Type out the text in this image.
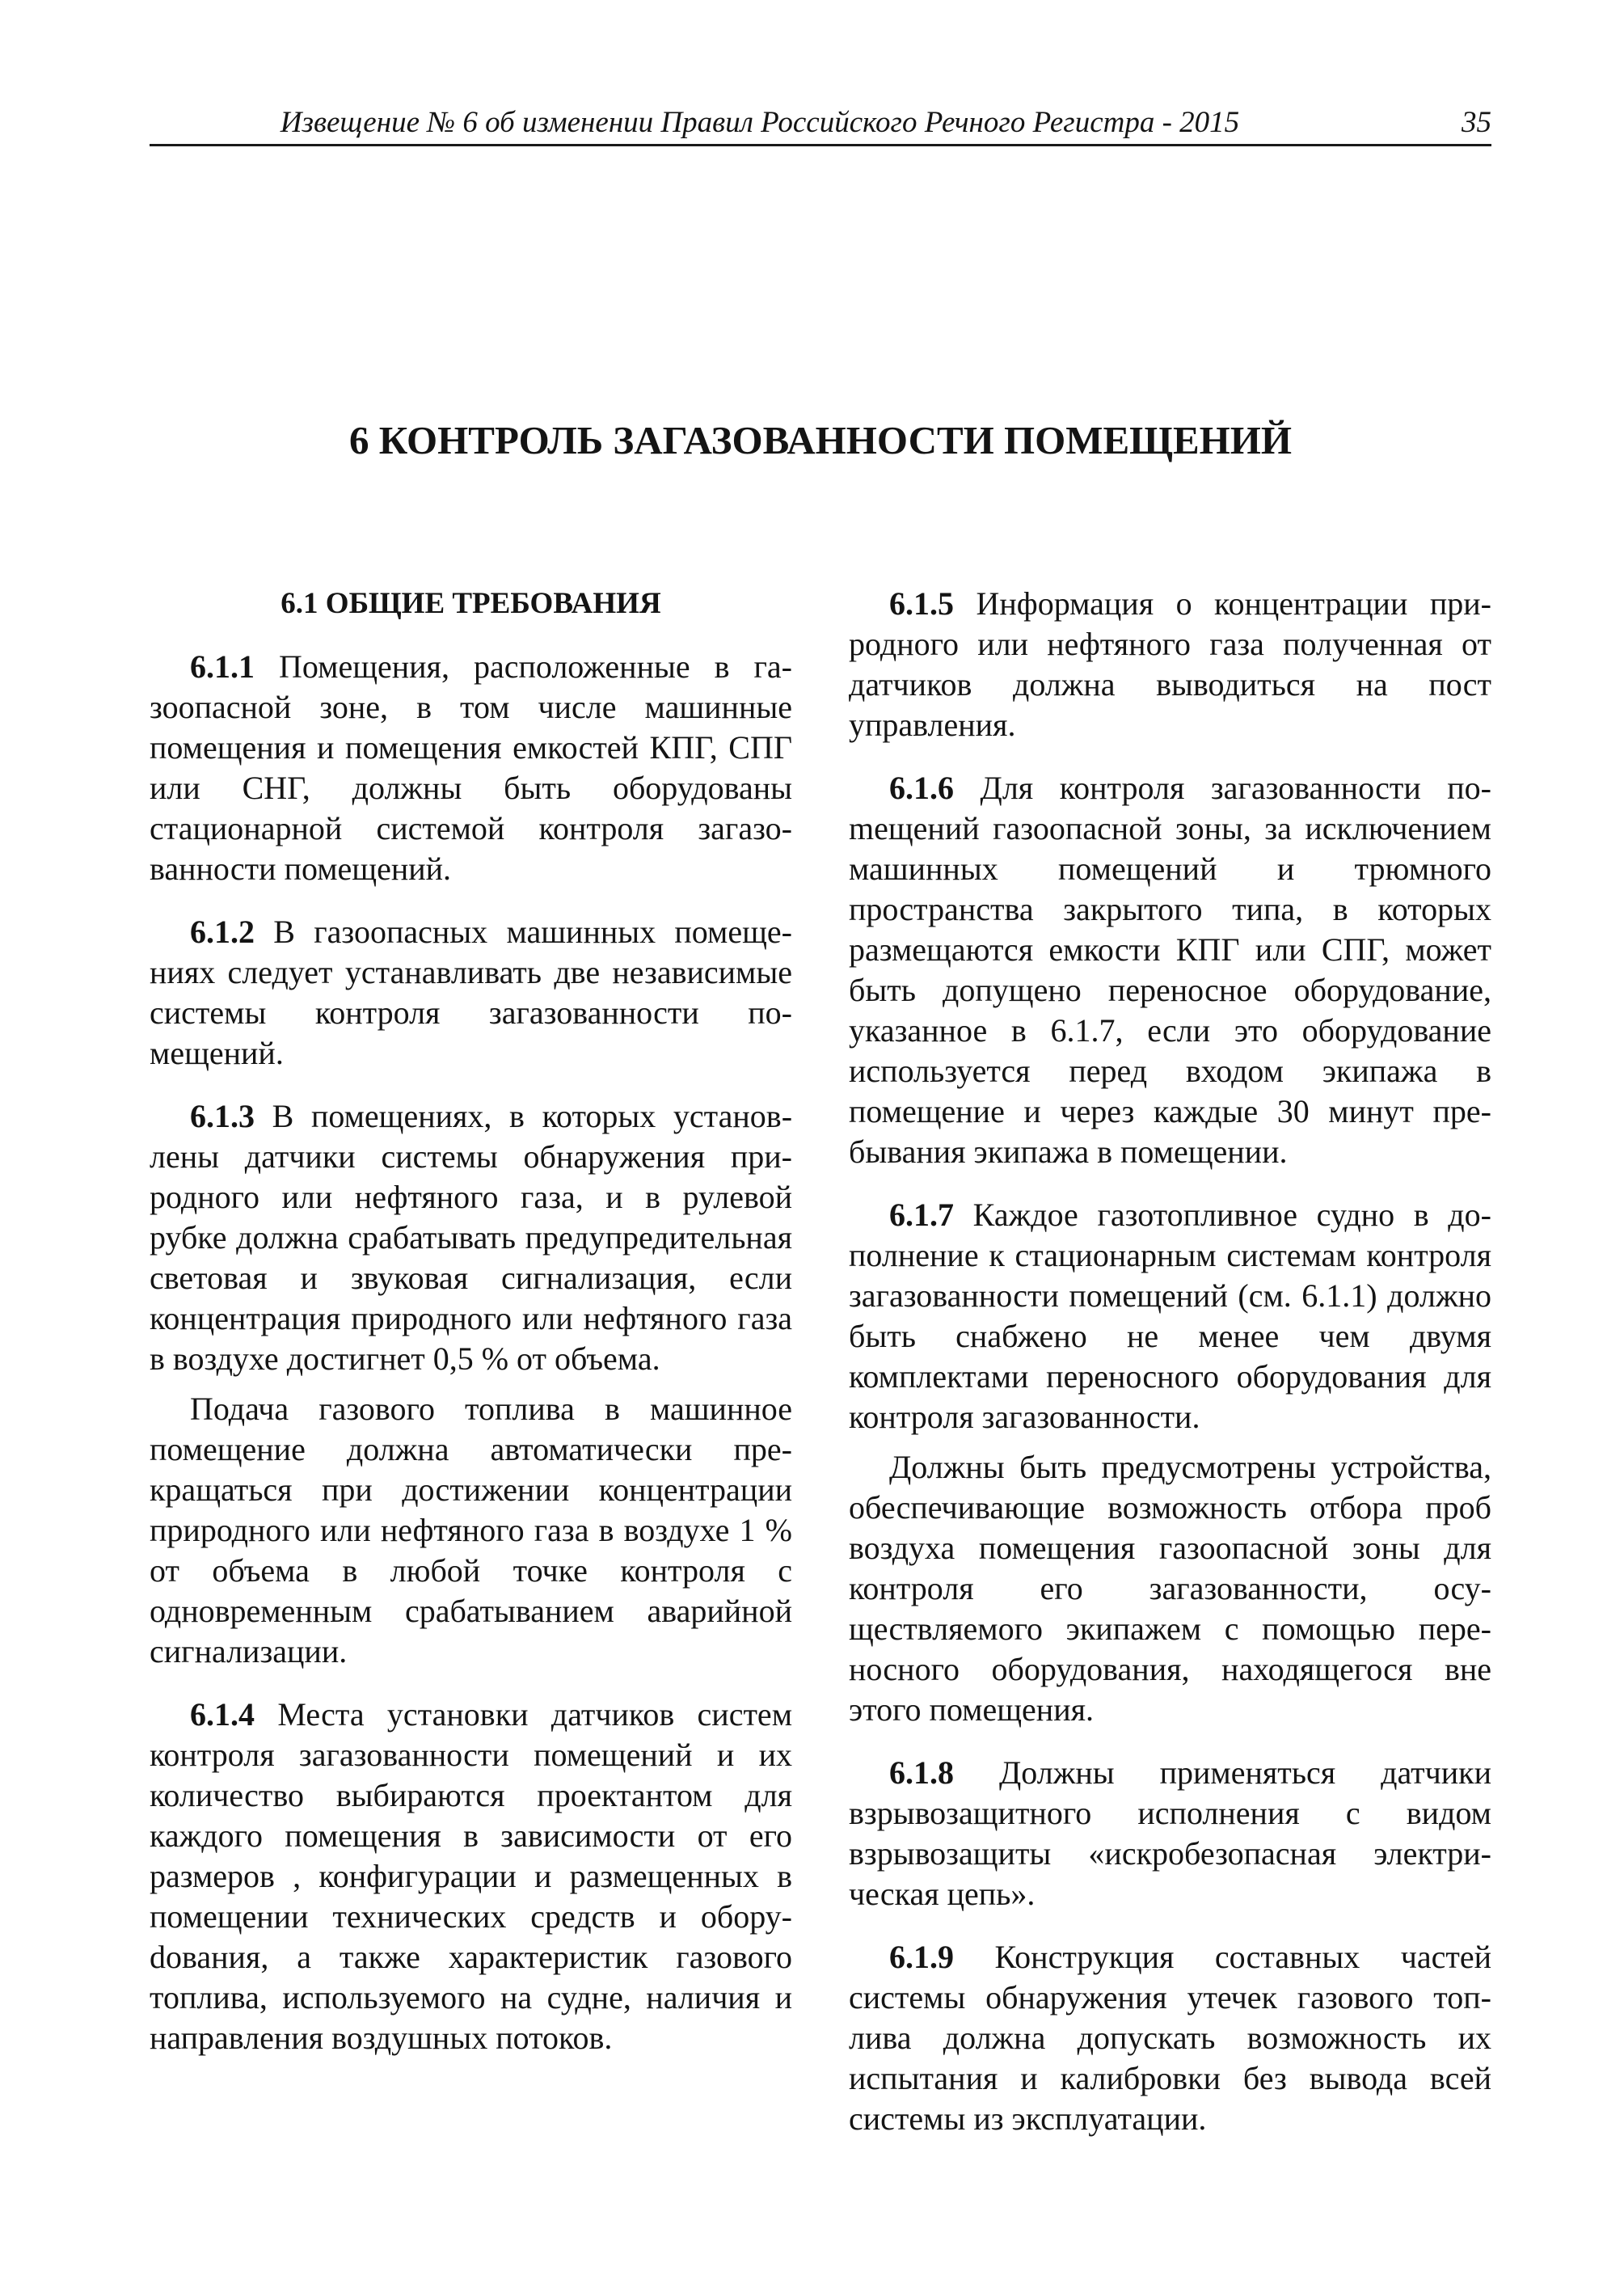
Извещение № 6 об изменении Правил Российского Речного Регистра - 2015	35
6 КОНТРОЛЬ ЗАГАЗОВАННОСТИ ПОМЕЩЕНИЙ
6.1 ОБЩИЕ ТРЕБОВАНИЯ

6.1.1 Помещения, расположенные в газоопасной зоне, в том числе машинные помещения и помещения емкостей КПГ, СПГ или СНГ, должны быть оборудованы стационарной системой контроля загазованности помещений.

6.1.2 В газоопасных машинных помещениях следует устанавливать две независимые системы контроля загазованности помещений.

6.1.3 В помещениях, в которых установлены датчики системы обнаружения природного или нефтяного газа, и в рулевой рубке должна срабатывать предупредительная световая и звуковая сигнализация, если концентрация природного или нефтяного газа в воздухе достигнет 0,5 % от объема.

Подача газового топлива в машинное помещение должна автоматически прекращаться при достижении концентрации природного или нефтяного газа в воздухе 1 % от объема в любой точке контроля с одновременным срабатыванием аварийной сигнализации.

6.1.4 Места установки датчиков систем контроля загазованности помещений и их количество выбираются проектантом для каждого помещения в зависимости от его размеров , конфигурации и размещенных в помещении технических средств и оборуdования, а также характеристик газового топлива, используемого на судне, наличия и направления воздушных потоков.

6.1.5 Информация о концентрации природного или нефтяного газа полученная от датчиков должна выводиться на пост управления.

6.1.6 Для контроля загазованности поmещений газоопасной зоны, за исключением машинных помещений и трюмного пространства закрытого типа, в которых размещаются емкости КПГ или СПГ, может быть допущено переносное оборудование, указанное в 6.1.7, если это оборудование используется перед входом экипажа в помещение и через каждые 30 минут пребывания экипажа в помещении.

6.1.7 Каждое газотопливное судно в дополнение к стационарным системам контроля загазованности помещений (см. 6.1.1) должно быть снабжено не менее чем двумя комплектами переносного оборудования для контроля загазованности.

Должны быть предусмотрены устройства, обеспечивающие возможность отбора проб воздуха помещения газоопасной зоны для контроля его загазованности, осуществляемого экипажем с помощью переносного оборудования, находящегося вне этого помещения.

6.1.8 Должны применяться датчики взрывозащитного исполнения с видом взрывозащиты «искробезопасная электрическая цепь».

6.1.9 Конструкция составных частей системы обнаружения утечек газового топлива должна допускать возможность их испытания и калибровки без вывода всей системы из эксплуатации.
